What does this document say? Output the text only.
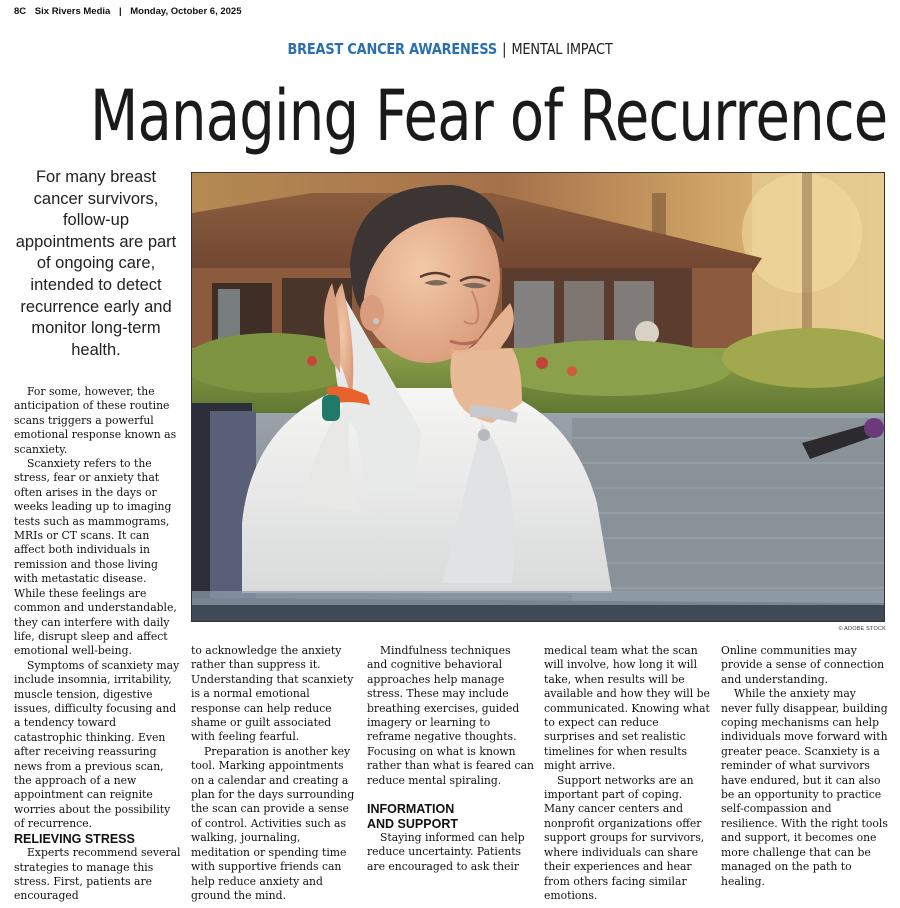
8C Six Rivers Media | Monday, October 6, 2025
BREAST CANCER AWARENESS | MENTAL IMPACT
Managing Fear of Recurrence
For many breast cancer survivors, follow-up appointments are part of ongoing care, intended to detect recurrence early and monitor long-term health.
© ADOBE STOCK

For some, however, the anticipation of these routine scans triggers a powerful emotional response known as scanxiety.

Scanxiety refers to the stress, fear or anxiety that often arises in the days or weeks leading up to imaging tests such as mammograms, MRIs or CT scans. It can affect both individuals in remission and those living with metastatic disease. While these feelings are common and understandable, they can interfere with daily life, disrupt sleep and affect emotional well-being.

Symptoms of scanxiety may include insomnia, irritability, muscle tension, digestive issues, difficulty focusing and a tendency toward catastrophic thinking. Even after receiving reassuring news from a previous scan, the approach of a new appointment can reignite worries about the possibility of recurrence.

RELIEVING STRESS

Experts recommend several strategies to manage this stress. First, patients are encouraged

to acknowledge the anxiety rather than suppress it. Understanding that scanxiety is a normal emotional response can help reduce shame or guilt associated with feeling fearful.

Preparation is another key tool. Marking appointments on a calendar and creating a plan for the days surrounding the scan can provide a sense of control. Activities such as walking, journaling, meditation or spending time with supportive friends can help reduce anxiety and ground the mind.

Mindfulness techniques and cognitive behavioral approaches help manage stress. These may include breathing exercises, guided imagery or learning to reframe negative thoughts. Focusing on what is known rather than what is feared can reduce mental spiraling.

INFORMATION

AND SUPPORT

Staying informed can help reduce uncertainty. Patients are encouraged to ask their

medical team what the scan will involve, how long it will take, when results will be available and how they will be communicated. Knowing what to expect can reduce surprises and set realistic timelines for when results might arrive.

Support networks are an important part of coping. Many cancer centers and nonprofit organizations offer support groups for survivors, where individuals can share their experiences and hear from others facing similar emotions.

Online communities may provide a sense of connection and understanding.

While the anxiety may never fully disappear, building coping mechanisms can help individuals move forward with greater peace. Scanxiety is a reminder of what survivors have endured, but it can also be an opportunity to practice self-compassion and resilience. With the right tools and support, it becomes one more challenge that can be managed on the path to healing.
